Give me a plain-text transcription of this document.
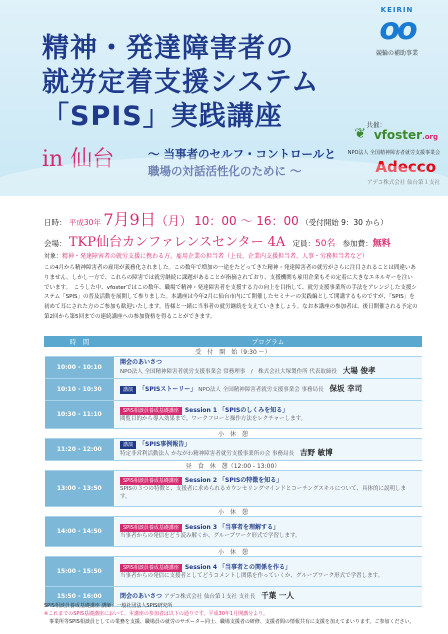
精神・発達障害者の
就労定着支援システム
「SPIS」実践講座
in 仙台	～ 当事者のセルフ・コントロールと
職場の対話活性化のために ～
KEIRIN
oo
競輪の補助事業
共催：
❦ vfoster.org
NPO法人 全国精神障害者就労支援事業会
Adecco
アデコ株式会社 仙台第１支社
日時： 平成30年 7月9日（月） 10：00 ～ 16：00 （受付開始 9：30 から）
会場： TKP仙台カンファレンスセンター 4A 定員：50名 参加費：無料
対象：精神・発達障害者の就労支援に携わる方、雇用企業の担当者（上長、企業内支援担当者、人事・労務担当者など）

この4月から精神障害者の雇用が義務化されました。この数年で増加の一途をたどってきた精神・発達障害者の就労がさらに注目されることは間違いありません。しかし一方で、これらの障害では就労継続に課題があることが指摘されており、支援機関も雇用企業もその定着に大きなエネルギーを注いでいます。　こうした中、vfosterではこの数年、職場で精神・発達障害者を支援する力の向上を目指して、就労支援事業所の手法をアレンジした支援システム「SPIS」の普及活動を展開して参りました。本講座は今年2月に仙台市内にて開催したセミナーの実践編として開講するものですが、「SPIS」を初めて耳にされた方のご参加も歓迎いたします。皆様と一緒に当事者の就労継続を支えていきましょう。なお本講座の参加者は、後日開催される予定の第2回から第5回までの連続講座への参加資格を得ることができます。

時　間	プログラム
受　付　開　始（9:30 ～）	
10:00 - 10:10	開会のあいさつ
NPO法人 全国精神障害者就労支援事業会 常務理事　/　株式会社大塚製作所 代表取締役 大場 俊孝

10:10 - 10:30	講演 「SPISストーリー」 NPO法人 全国精神障害者就労支援事業会 事務局長 保坂 幸司
10:30 - 11:10	SPIS相談員養成基礎講座 Session 1 「SPISのしくみを知る」
閲覧目的から導入効果まで。ワークフローと操作方法をレクチャーします。

小　休　憩	
11:20 - 12:00	講演 「SPIS事例報告」
特定非営利活動法人 かながわ精神障害者就労支援事業所の会 事務局長 吉野 敏博

昼　食　休　憩（12:00 - 13:00）	
13:00 - 13:50	SPIS相談員養成基礎講座 Session 2 「SPISの特徴を知る」
SPISの３つの特徴と、支援者に求められるカウンセリングマインドとコーチングスキルについて、具体的に説明します。

小　休　憩	
14:00 - 14:50	SPIS相談員養成基礎講座 Session 3 「当事者を理解する」
当事者からの発信をどう読み解くか、グループワーク形式で学習します。

小　休　憩	
15:00 - 15:50	SPIS相談員養成基礎講座 Session 4 「当事者との関係を作る」
当事者からの発信に支援者としてどうコメントし関係を作っていくか、グループワーク形式で学習します。

15:50 - 16:00	閉会のあいさつ アデコ株式会社 仙台第１支社 支社長 千葉 一人
SPIS相談員養成基礎講座 講師：一般社団法人SPIS研究所
※これまでのSPIS基礎講座において、本講座の参加者は以下の通りです。平成30年1月開講分より。
　事業所等SPIS相談員としての業務を支援、職場員の就労のサポーター同士、職場支援者の研修、支援者間の情報共有に支援を加えてまいります。ご参加ください。
